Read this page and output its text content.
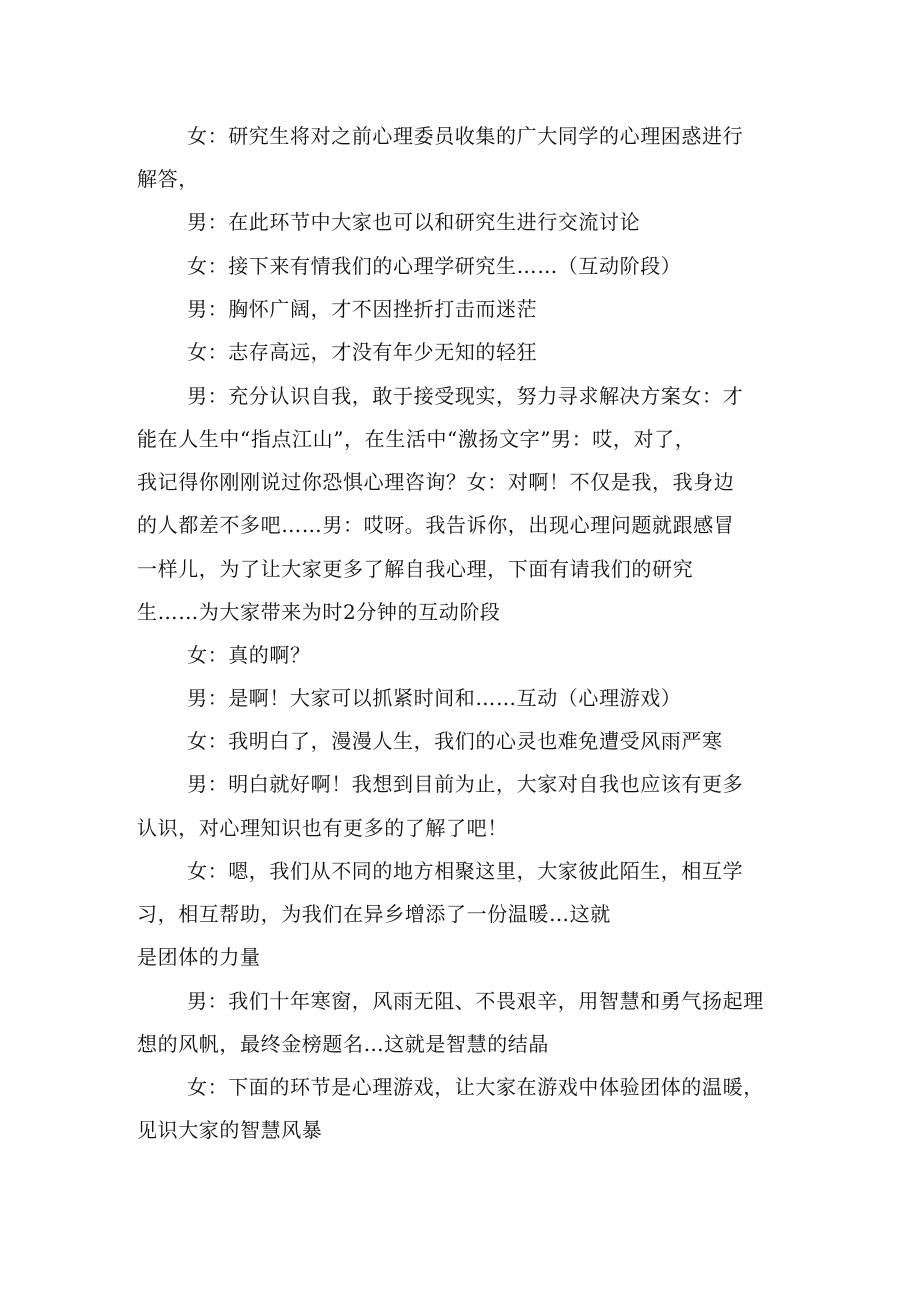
女：研究生将对之前心理委员收集的广大同学的心理困惑进行
解答，
男：在此环节中大家也可以和研究生进行交流讨论
女：接下来有情我们的心理学研究生……（互动阶段）
男：胸怀广阔，才不因挫折打击而迷茫
女：志存高远，才没有年少无知的轻狂
男：充分认识自我，敢于接受现实，努力寻求解决方案女：才
能在人生中“指点江山”，在生活中“激扬文字”男：哎，对了，
我记得你刚刚说过你恐惧心理咨询？女：对啊！不仅是我，我身边
的人都差不多吧……男：哎呀。我告诉你，出现心理问题就跟感冒
一样儿，为了让大家更多了解自我心理，下面有请我们的研究
生……为大家带来为时2分钟的互动阶段
女：真的啊？
男：是啊！大家可以抓紧时间和……互动（心理游戏）
女：我明白了，漫漫人生，我们的心灵也难免遭受风雨严寒
男：明白就好啊！我想到目前为止，大家对自我也应该有更多
认识，对心理知识也有更多的了解了吧！
女：嗯，我们从不同的地方相聚这里，大家彼此陌生，相互学
习，相互帮助，为我们在异乡增添了一份温暖…这就
是团体的力量
男：我们十年寒窗，风雨无阻、不畏艰辛，用智慧和勇气扬起理
想的风帆，最终金榜题名…这就是智慧的结晶
女：下面的环节是心理游戏，让大家在游戏中体验团体的温暖，
见识大家的智慧风暴
